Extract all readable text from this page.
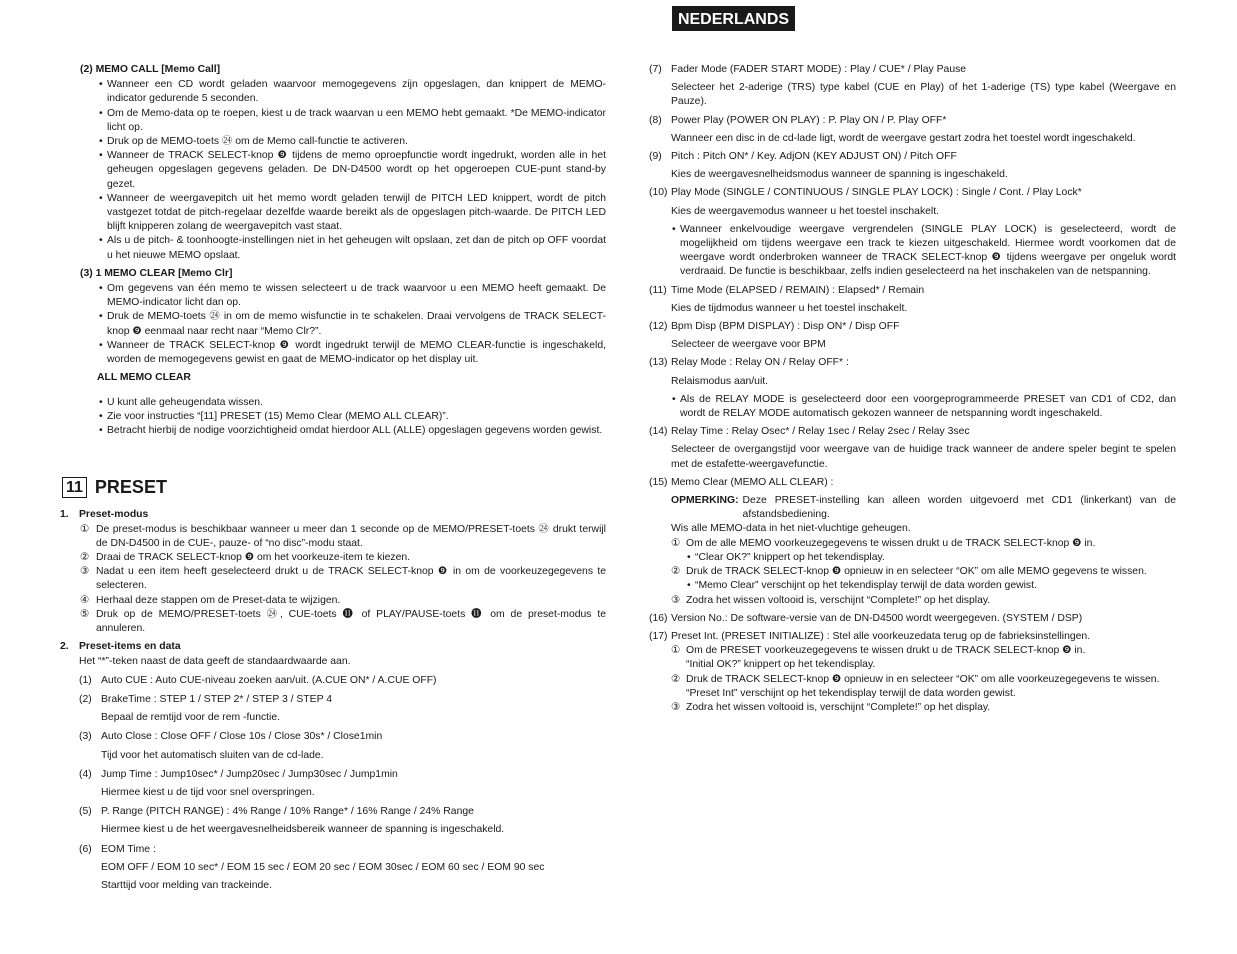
NEDERLANDS

(2) MEMO CALL [Memo Call]

• Wanneer een CD wordt geladen waarvoor memogegevens zijn opgeslagen, dan knippert de MEMO-indicator gedurende 5 seconden.

• Om de Memo-data op te roepen, kiest u de track waarvan u een MEMO hebt gemaakt. *De MEMO-indicator licht op.

• Druk op de MEMO-toets ㉔ om de Memo call-functie te activeren.

• Wanneer de TRACK SELECT-knop ❾ tijdens de memo oproepfunctie wordt ingedrukt, worden alle in het geheugen opgeslagen gegevens geladen. De DN-D4500 wordt op het opgeroepen CUE-punt stand-by gezet.

• Wanneer de weergavepitch uit het memo wordt geladen terwijl de PITCH LED knippert, wordt de pitch vastgezet totdat de pitch-regelaar dezelfde waarde bereikt als de opgeslagen pitch-waarde. De PITCH LED blijft knipperen zolang de weergavepitch vast staat.

• Als u de pitch- & toonhoogte-instellingen niet in het geheugen wilt opslaan, zet dan de pitch op OFF voordat u het nieuwe MEMO opslaat.

(3) 1 MEMO CLEAR [Memo Clr]

• Om gegevens van één memo te wissen selecteert u de track waarvoor u een MEMO heeft gemaakt. De MEMO-indicator licht dan op.

• Druk de MEMO-toets ㉔ in om de memo wisfunctie in te schakelen. Draai vervolgens de TRACK SELECT-knop ❾ eenmaal naar recht naar “Memo Clr?”.

• Wanneer de TRACK SELECT-knop ❾ wordt ingedrukt terwijl de MEMO CLEAR-functie is ingeschakeld, worden de memogegevens gewist en gaat de MEMO-indicator op het display uit.

ALL MEMO CLEAR

• U kunt alle geheugendata wissen.

• Zie voor instructies “[11] PRESET (15) Memo Clear (MEMO ALL CLEAR)”.

• Betracht hierbij de nodige voorzichtigheid omdat hierdoor ALL (ALLE) opgeslagen gegevens worden gewist.

11 PRESET

1. Preset-modus

① De preset-modus is beschikbaar wanneer u meer dan 1 seconde op de MEMO/PRESET-toets ㉔ drukt terwijl de DN-D4500 in de CUE-, pauze- of “no disc”-modu staat.

② Draai de TRACK SELECT-knop ❾ om het voorkeuze-item te kiezen.

③ Nadat u een item heeft geselecteerd drukt u de TRACK SELECT-knop ❾ in om de voorkeuzegegevens te selecteren.

④ Herhaal deze stappen om de Preset-data te wijzigen.

⑤ Druk op de MEMO/PRESET-toets ㉔, CUE-toets ⓫ of PLAY/PAUSE-toets ⓫ om de preset-modus te annuleren.

2. Preset-items en data

Het “*”-teken naast de data geeft de standaardwaarde aan.

(1) Auto CUE : Auto CUE-niveau zoeken aan/uit. (A.CUE ON* / A.CUE OFF)

(2) BrakeTime : STEP 1 / STEP 2* / STEP 3 / STEP 4

Bepaal de remtijd voor de rem -functie.

(3) Auto Close : Close OFF / Close 10s / Close 30s* / Close1min

Tijd voor het automatisch sluiten van de cd-lade.

(4) Jump Time : Jump10sec* / Jump20sec / Jump30sec / Jump1min

Hiermee kiest u de tijd voor snel overspringen.

(5) P. Range (PITCH RANGE) : 4% Range / 10% Range* / 16% Range / 24% Range

Hiermee kiest u de het weergavesnelheidsbereik wanneer de spanning is ingeschakeld.

(6) EOM Time :

EOM OFF / EOM 10 sec* / EOM 15 sec / EOM 20 sec / EOM 30sec / EOM 60 sec / EOM 90 sec

Starttijd voor melding van trackeinde.

(7) Fader Mode (FADER START MODE) : Play / CUE* / Play Pause

Selecteer het 2-aderige (TRS) type kabel (CUE en Play) of het 1-aderige (TS) type kabel (Weergave en Pauze).

(8) Power Play (POWER ON PLAY) : P. Play ON / P. Play OFF*

Wanneer een disc in de cd-lade ligt, wordt de weergave gestart zodra het toestel wordt ingeschakeld.

(9) Pitch : Pitch ON* / Key. AdjON (KEY ADJUST ON) / Pitch OFF

Kies de weergavesnelheidsmodus wanneer de spanning is ingeschakeld.

(10) Play Mode (SINGLE / CONTINUOUS / SINGLE PLAY LOCK) : Single / Cont. / Play Lock*

Kies de weergavemodus wanneer u het toestel inschakelt.

• Wanneer enkelvoudige weergave vergrendelen (SINGLE PLAY LOCK) is geselecteerd, wordt de mogelijkheid om tijdens weergave een track te kiezen uitgeschakeld. Hiermee wordt voorkomen dat de weergave wordt onderbroken wanneer de TRACK SELECT-knop ❾ tijdens weergave per ongeluk wordt verdraaid. De functie is beschikbaar, zelfs indien geselecteerd na het inschakelen van de netspanning.

(11) Time Mode (ELAPSED / REMAIN) : Elapsed* / Remain

Kies de tijdmodus wanneer u het toestel inschakelt.

(12) Bpm Disp (BPM DISPLAY) : Disp ON* / Disp OFF

Selecteer de weergave voor BPM

(13) Relay Mode : Relay ON / Relay OFF* :

Relaismodus aan/uit.

• Als de RELAY MODE is geselecteerd door een voorgeprogrammeerde PRESET van CD1 of CD2, dan wordt de RELAY MODE automatisch gekozen wanneer de netspanning wordt ingeschakeld.

(14) Relay Time : Relay Osec* / Relay 1sec / Relay 2sec / Relay 3sec

Selecteer de overgangstijd voor weergave van de huidige track wanneer de andere speler begint te spelen met de estafette-weergavefunctie.

(15) Memo Clear (MEMO ALL CLEAR) :

OPMERKING: Deze PRESET-instelling kan alleen worden uitgevoerd met CD1 (linkerkant) van de afstandsbediening.

Wis alle MEMO-data in het niet-vluchtige geheugen.

① Om de alle MEMO voorkeuzegegevens te wissen drukt u de TRACK SELECT-knop ❾ in.

• “Clear OK?” knippert op het tekendisplay.

② Druk de TRACK SELECT-knop ❾ opnieuw in en selecteer “OK” om alle MEMO gegevens te wissen.

• “Memo Clear” verschijnt op het tekendisplay terwijl de data worden gewist.

③ Zodra het wissen voltooid is, verschijnt “Complete!” op het display.

(16) Version No.: De software-versie van de DN-D4500 wordt weergegeven. (SYSTEM / DSP)

(17) Preset Int. (PRESET INITIALIZE) : Stel alle voorkeuzedata terug op de fabrieksinstellingen.

① Om de PRESET voorkeuzegegevens te wissen drukt u de TRACK SELECT-knop ❾ in.

“Initial OK?” knippert op het tekendisplay.

② Druk de TRACK SELECT-knop ❾ opnieuw in en selecteer “OK” om alle voorkeuzegegevens te wissen.

“Preset Int” verschijnt op het tekendisplay terwijl de data worden gewist.

③ Zodra het wissen voltooid is, verschijnt “Complete!” op het display.
